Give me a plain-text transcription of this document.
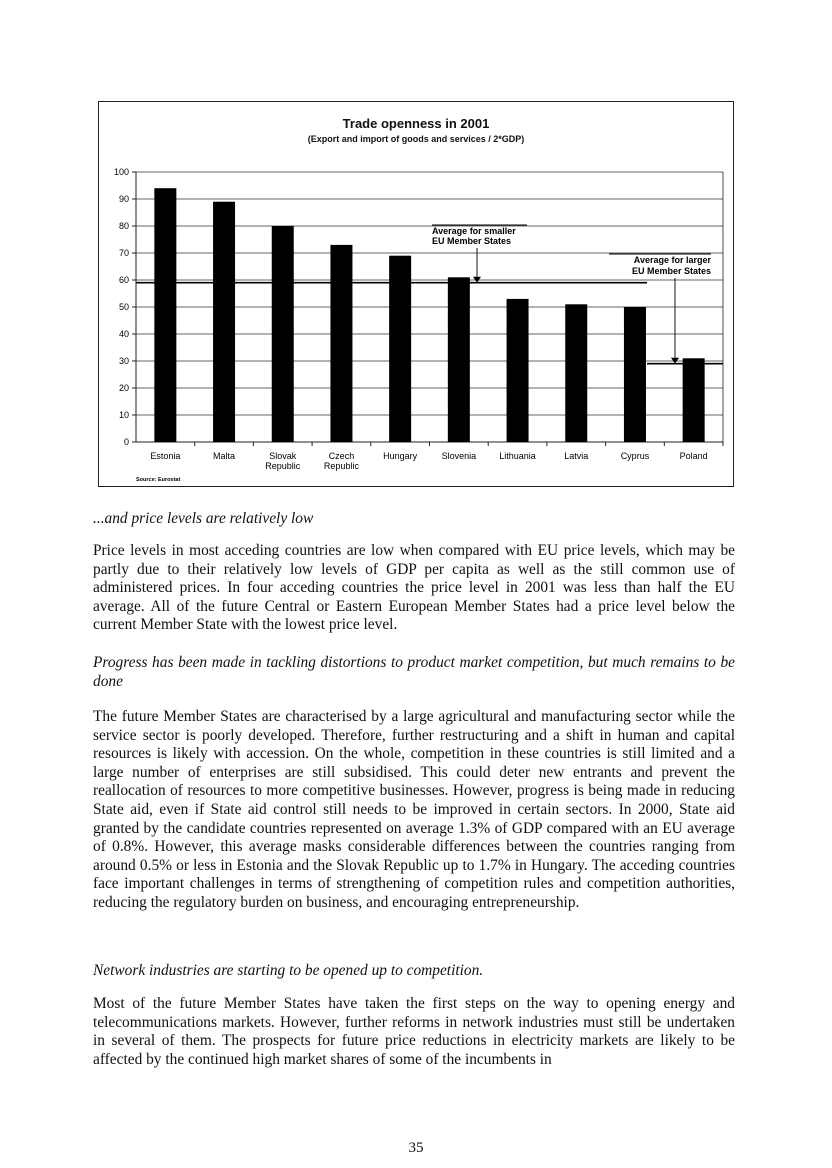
Trade openness in 2001
(Export and import of goods and services / 2*GDP)
0
10
20
30
40
50
60
70
80
90
100
Estonia	Malta	Slovak
Republic
Czech
Republic
Hungary	Slovenia	Lithuania	Latvia	Cyprus	Poland
Average for smaller
EU Member States
Average for larger
EU Member States
Source: Eurostat

...and price levels are relatively low

Price levels in most acceding countries are low when compared with EU price levels, which may be partly due to their relatively low levels of GDP per capita as well as the still common use of administered prices. In four acceding countries the price level in 2001 was less than half the EU average. All of the future Central or Eastern European Member States had a price level below the current Member State with the lowest price level.

Progress has been made in tackling distortions to product market competition, but much remains to be done

The future Member States are characterised by a large agricultural and manufacturing sector while the service sector is poorly developed. Therefore, further restructuring and a shift in human and capital resources is likely with accession. On the whole, competition in these countries is still limited and a large number of enterprises are still subsidised. This could deter new entrants and prevent the reallocation of resources to more competitive businesses. However, progress is being made in reducing State aid, even if State aid control still needs to be improved in certain sectors. In 2000, State aid granted by the candidate countries represented on average 1.3% of GDP compared with an EU average of 0.8%. However, this average masks considerable differences between the countries ranging from around 0.5% or less in Estonia and the Slovak Republic up to 1.7% in Hungary. The acceding countries face important challenges in terms of strengthening of competition rules and competition authorities, reducing the regulatory burden on business, and encouraging entrepreneurship.

Network industries are starting to be opened up to competition.

Most of the future Member States have taken the first steps on the way to opening energy and telecommunications markets. However, further reforms in network industries must still be undertaken in several of them. The prospects for future price reductions in electricity markets are likely to be affected by the continued high market shares of some of the incumbents in

35
